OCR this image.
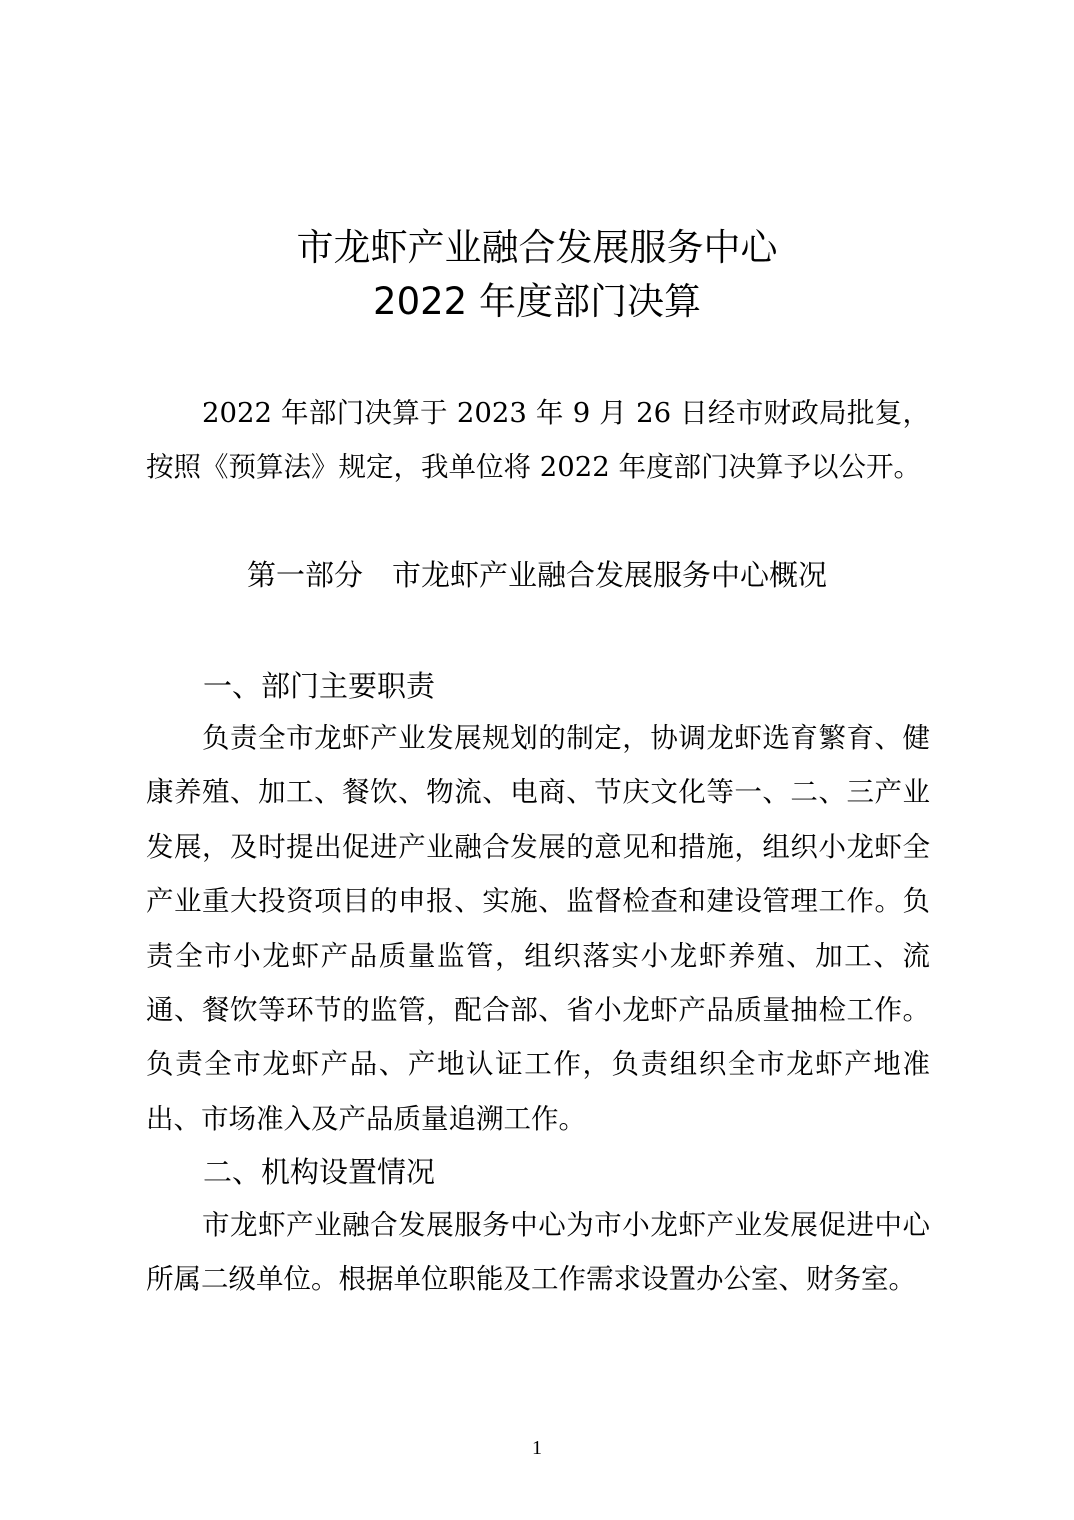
市龙虾产业融合发展服务中心
2022 年度部门决算

2022 年部门决算于 2023 年 9 月 26 日经市财政局批复，按照《预算法》规定，我单位将 2022 年度部门决算予以公开。

第一部分　市龙虾产业融合发展服务中心概况
一、部门主要职责

负责全市龙虾产业发展规划的制定，协调龙虾选育繁育、健康养殖、加工、餐饮、物流、电商、节庆文化等一、二、三产业发展，及时提出促进产业融合发展的意见和措施，组织小龙虾全产业重大投资项目的申报、实施、监督检查和建设管理工作。负责全市小龙虾产品质量监管，组织落实小龙虾养殖、加工、流通、餐饮等环节的监管，配合部、省小龙虾产品质量抽检工作。负责全市龙虾产品、产地认证工作，负责组织全市龙虾产地准出、市场准入及产品质量追溯工作。

二、机构设置情况

市龙虾产业融合发展服务中心为市小龙虾产业发展促进中心所属二级单位。根据单位职能及工作需求设置办公室、财务室。

1
